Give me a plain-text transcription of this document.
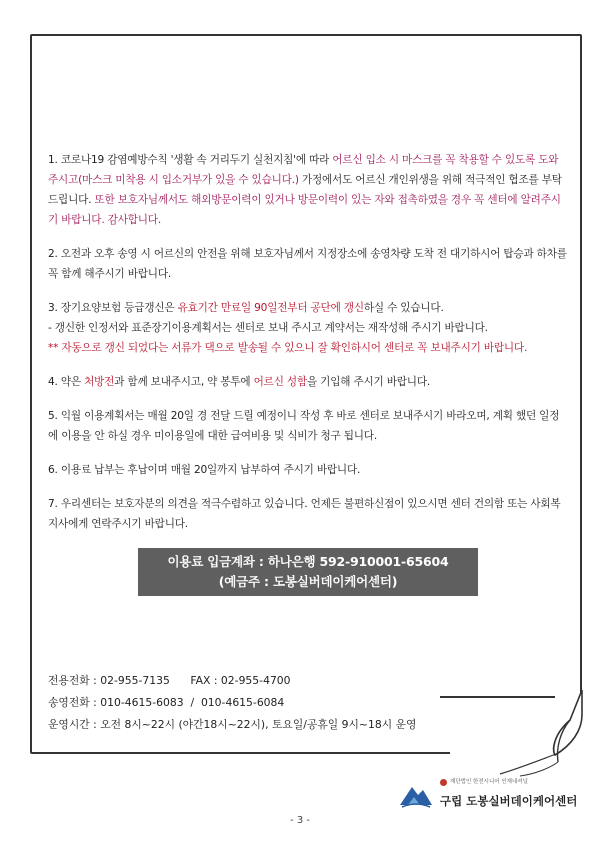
1. 코로나19 감염예방수칙 '생활 속 거리두기 실천지침'에 따라 어르신 입소 시 마스크를 꼭 착용할 수 있도록 도와주시고(마스크 미착용 시 입소거부가 있을 수 있습니다.) 가정에서도 어르신 개인위생을 위해 적극적인 협조를 부탁드립니다. 또한 보호자님께서도 해외방문이력이 있거나 방문이력이 있는 자와 접촉하였을 경우 꼭 센터에 알려주시기 바랍니다. 감사합니다.
2. 오전과 오후 송영 시 어르신의 안전을 위해 보호자님께서 지정장소에 송영차량 도착 전 대기하시어 탑승과 하차를 꼭 함께 해주시기 바랍니다.
3. 장기요양보험 등급갱신은 유효기간 만료일 90일전부터 공단에 갱신하실 수 있습니다.
- 갱신한 인정서와 표준장기이용계획서는 센터로 보내 주시고 계약서는 재작성해 주시기 바랍니다.
** 자동으로 갱신 되었다는 서류가 댁으로 발송될 수 있으니 잘 확인하시어 센터로 꼭 보내주시기 바랍니다.
4. 약은 처방전과 함께 보내주시고, 약 봉투에 어르신 성함을 기입해 주시기 바랍니다.
5. 익월 이용계획서는 매월 20일 경 전달 드릴 예정이니 작성 후 바로 센터로 보내주시기 바라오며, 계획 했던 일정에 이용을 안 하실 경우 미이용일에 대한 급여비용 및 식비가 청구 됩니다.
6. 이용료 납부는 후납이며 매월 20일까지 납부하여 주시기 바랍니다.
7. 우리센터는 보호자분의 의견을 적극수렴하고 있습니다. 언제든 불편하신점이 있으시면 센터 건의함 또는 사회복지사에게 연락주시기 바랍니다.
이용료 입금계좌 : 하나은행 592-910001-65604
(예금주 : 도봉실버데이케어센터)
전용전화 : 02-955-7135      FAX : 02-955-4700
송영전화 : 010-4615-6083  /  010-4615-6084
운영시간 : 오전 8시~22시 (야간18시~22시), 토요일/공휴일 9시~18시 운영
재단법인 한전시니어 인재내셔널
구립 도봉실버데이케어센터
- 3 -
